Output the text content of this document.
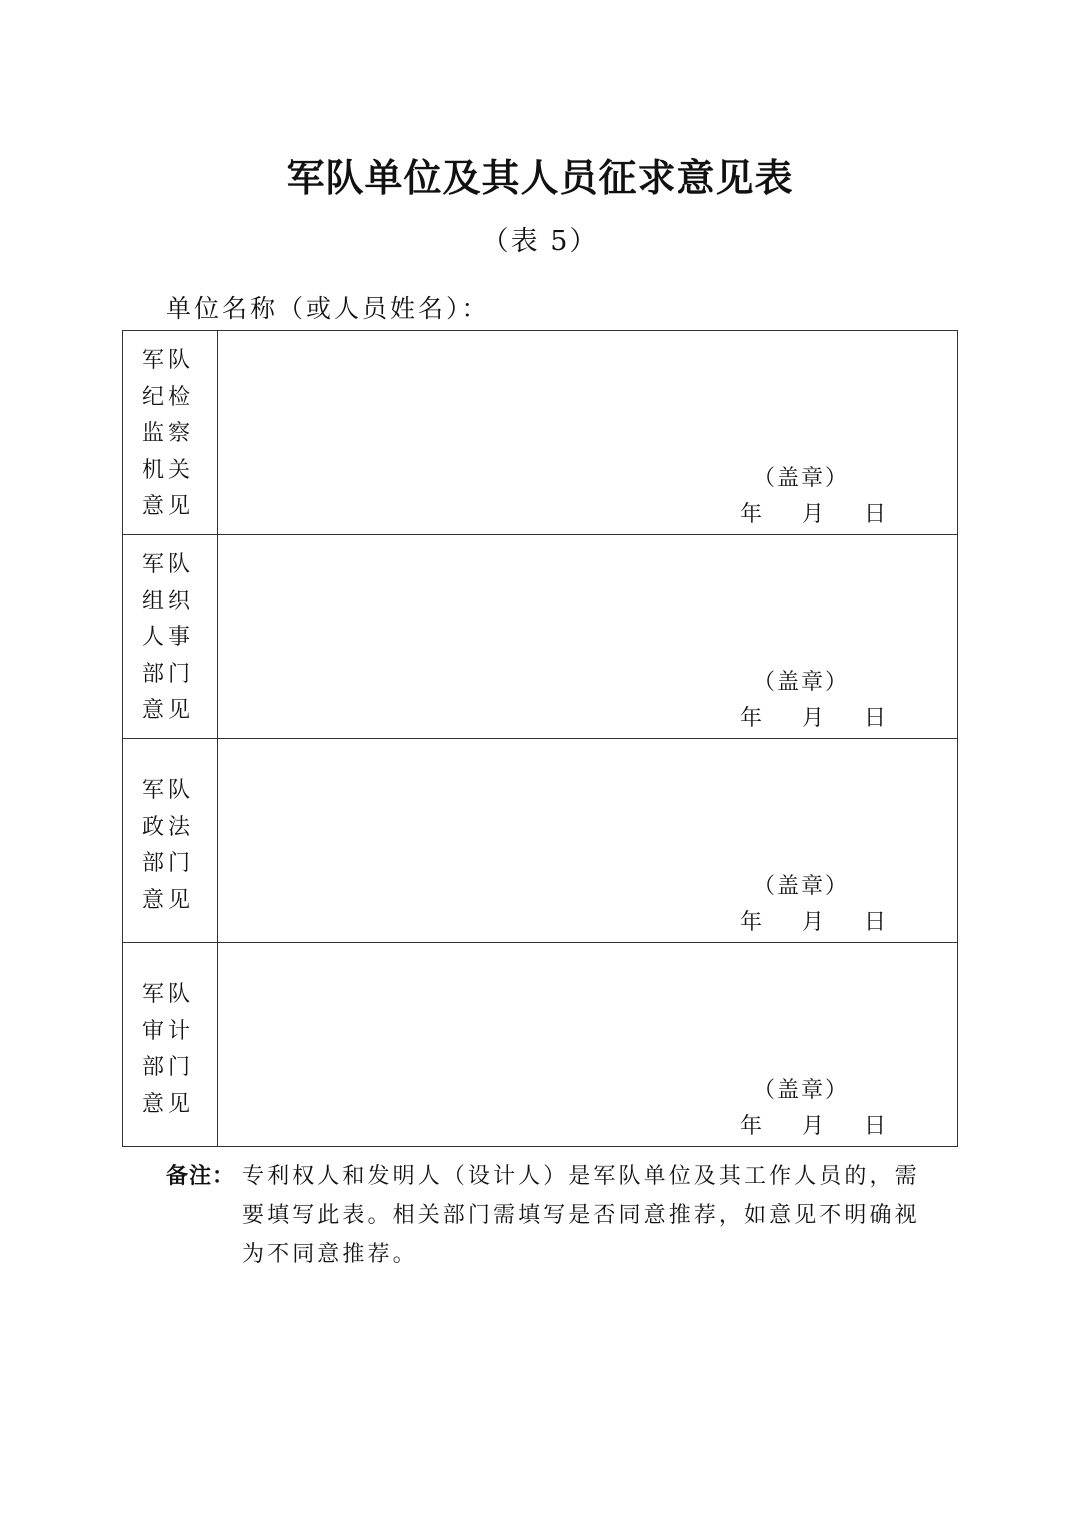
军队单位及其人员征求意见表
（表 5）
单位名称（或人员姓名）：
军队纪检监察机关意见	（盖章）
年 月 日

军队组织人事部门意见	（盖章）
年 月 日

军队政法部门意见	（盖章）
年 月 日

军队审计部门意见	（盖章）
年 月 日
备注： 专利权人和发明人（设计人）是军队单位及其工作人员的，需要填写此表。相关部门需填写是否同意推荐，如意见不明确视为不同意推荐。
